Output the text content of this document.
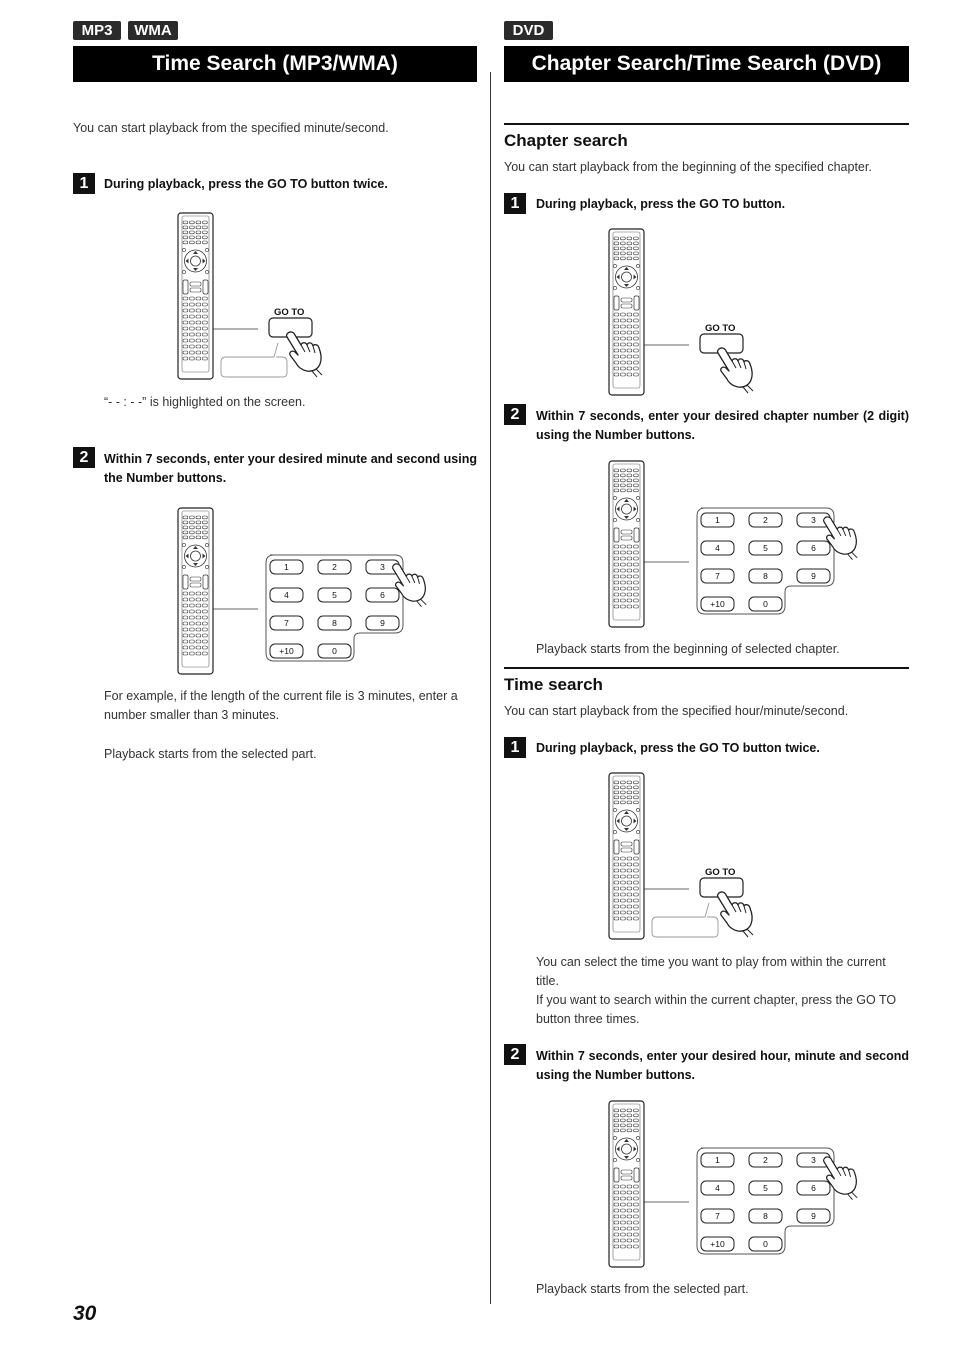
MP3	WMA
Time Search (MP3/WMA)
You can start playback from the specified minute/second.
1	During playback, press the GO TO button twice.
GO TO
“- - : - -” is highlighted on the screen.
2	Within 7 seconds, enter your desired minute and second using the Number buttons.
1	2	3
4	5	6
7	8	9
+10	0
For example, if the length of the current file is 3 minutes, enter a number smaller than 3 minutes.
Playback starts from the selected part.
DVD
Chapter Search/Time Search (DVD)
Chapter search
You can start playback from the beginning of the specified chapter.
1	During playback, press the GO TO button.
GO TO
2	Within 7 seconds, enter your desired chapter number (2 digit) using the Number buttons.
1	2	3
4	5	6
7	8	9
+10	0
Playback starts from the beginning of selected chapter.
Time search
You can start playback from the specified hour/minute/second.
1	During playback, press the GO TO button twice.
GO TO
You can select the time you want to play from within the current title.
If you want to search within the current chapter, press the GO TO button three times.
2	Within 7 seconds, enter your desired hour, minute and second using the Number buttons.
1	2	3
4	5	6
7	8	9
+10	0
Playback starts from the selected part.
30
